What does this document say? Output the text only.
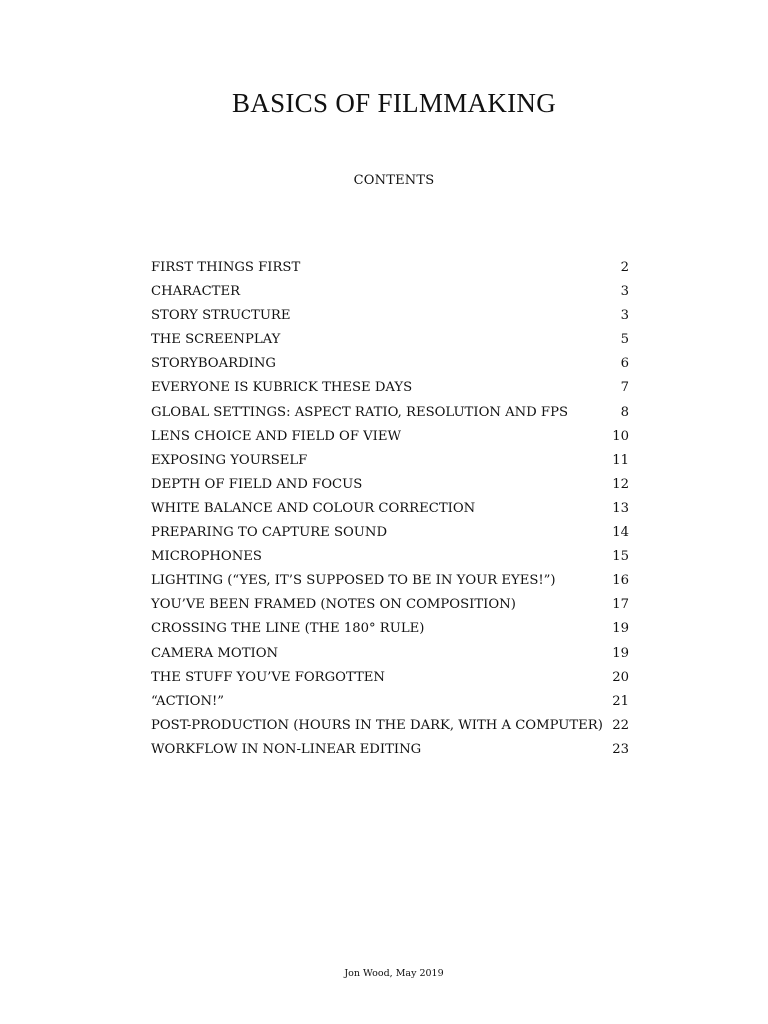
BASICS OF FILMMAKING
CONTENTS
FIRST THINGS FIRST	2
CHARACTER	3
STORY STRUCTURE	3
THE SCREENPLAY	5
STORYBOARDING	6
EVERYONE IS KUBRICK THESE DAYS	7
GLOBAL SETTINGS: ASPECT RATIO, RESOLUTION AND FPS	8
LENS CHOICE AND FIELD OF VIEW	10
EXPOSING YOURSELF	11
DEPTH OF FIELD AND FOCUS	12
WHITE BALANCE AND COLOUR CORRECTION	13
PREPARING TO CAPTURE SOUND	14
MICROPHONES	15
LIGHTING (“YES, IT’S SUPPOSED TO BE IN YOUR EYES!”)	16
YOU’VE BEEN FRAMED (NOTES ON COMPOSITION)	17
CROSSING THE LINE (THE 180° RULE)	19
CAMERA MOTION	19
THE STUFF YOU’VE FORGOTTEN	20
“ACTION!”	21
POST-PRODUCTION (HOURS IN THE DARK, WITH A COMPUTER) 22
WORKFLOW IN NON-LINEAR EDITING	23
Jon Wood, May 2019
